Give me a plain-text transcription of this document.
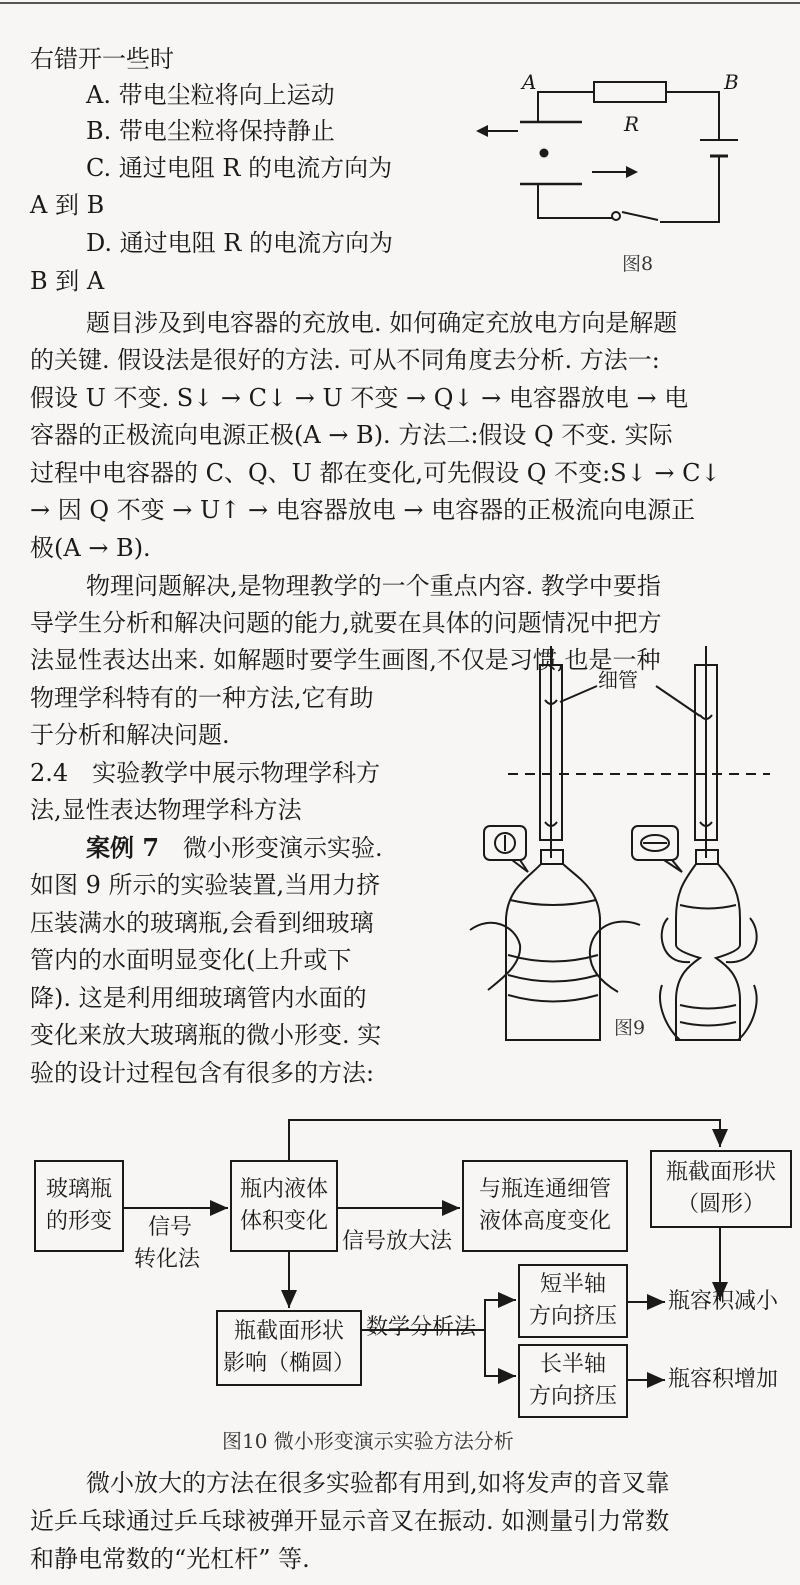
右错开一些时
A. 带电尘粒将向上运动
B. 带电尘粒将保持静止
C. 通过电阻 R 的电流方向为
A 到 B
D. 通过电阻 R 的电流方向为
B 到 A
A	B
R
图8
题目涉及到电容器的充放电. 如何确定充放电方向是解题
的关键. 假设法是很好的方法. 可从不同角度去分析. 方法一:
假设 U 不变. S↓ → C↓ → U 不变 → Q↓ → 电容器放电 → 电
容器的正极流向电源正极(A → B). 方法二:假设 Q 不变. 实际
过程中电容器的 C、Q、U 都在变化,可先假设 Q 不变:S↓ → C↓
→ 因 Q 不变 → U↑ → 电容器放电 → 电容器的正极流向电源正
极(A → B).
物理问题解决,是物理教学的一个重点内容. 教学中要指
导学生分析和解决问题的能力,就要在具体的问题情况中把方
法显性表达出来. 如解题时要学生画图,不仅是习惯,也是一种
物理学科特有的一种方法,它有助
于分析和解决问题.
2.4　实验教学中展示物理学科方
法,显性表达物理学科方法
案例 7　微小形变演示实验.
如图 9 所示的实验装置,当用力挤
压装满水的玻璃瓶,会看到细玻璃
管内的水面明显变化(上升或下
降). 这是利用细玻璃管内水面的
变化来放大玻璃瓶的微小形变. 实
验的设计过程包含有很多的方法:
细管
图9
玻璃瓶
的形变
瓶内液体
体积变化
与瓶连通细管
液体高度变化
瓶截面形状
（圆形）
瓶截面形状
影响（椭圆）
短半轴
方向挤压
长半轴
方向挤压
信号
转化法
信号放大法
数学分析法
瓶容积减小
瓶容积增加
图10 微小形变演示实验方法分析
微小放大的方法在很多实验都有用到,如将发声的音叉靠
近乒乓球通过乒乓球被弹开显示音叉在振动. 如测量引力常数
和静电常数的“光杠杆” 等.
